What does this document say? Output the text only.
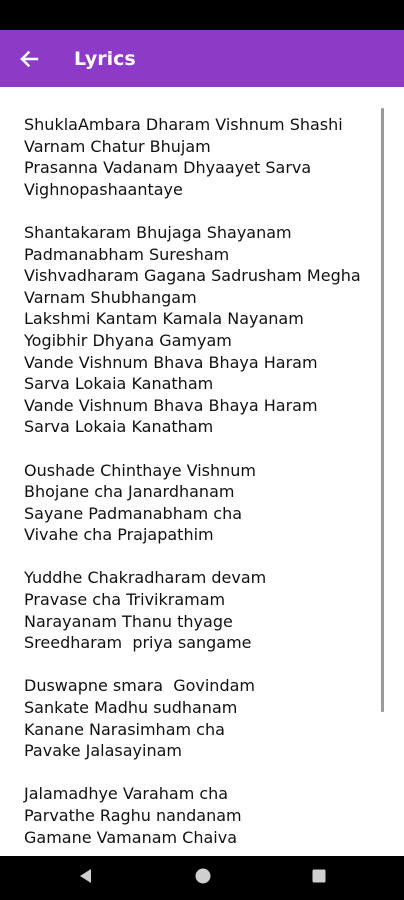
Lyrics
ShuklaAmbara Dharam Vishnum Shashi
Varnam Chatur Bhujam
Prasanna Vadanam Dhyaayet Sarva
Vighnopashaantaye
Shantakaram Bhujaga Shayanam
Padmanabham Suresham
Vishvadharam Gagana Sadrusham Megha
Varnam Shubhangam
Lakshmi Kantam Kamala Nayanam
Yogibhir Dhyana Gamyam
Vande Vishnum Bhava Bhaya Haram
Sarva Lokaia Kanatham
Vande Vishnum Bhava Bhaya Haram
Sarva Lokaia Kanatham
Oushade Chinthaye Vishnum
Bhojane cha Janardhanam
Sayane Padmanabham cha
Vivahe cha Prajapathim
Yuddhe Chakradharam devam
Pravase cha Trivikramam
Narayanam Thanu thyage
Sreedharam  priya sangame
Duswapne smara  Govindam
Sankate Madhu sudhanam
Kanane Narasimham cha
Pavake Jalasayinam
Jalamadhye Varaham cha
Parvathe Raghu nandanam
Gamane Vamanam Chaiva
